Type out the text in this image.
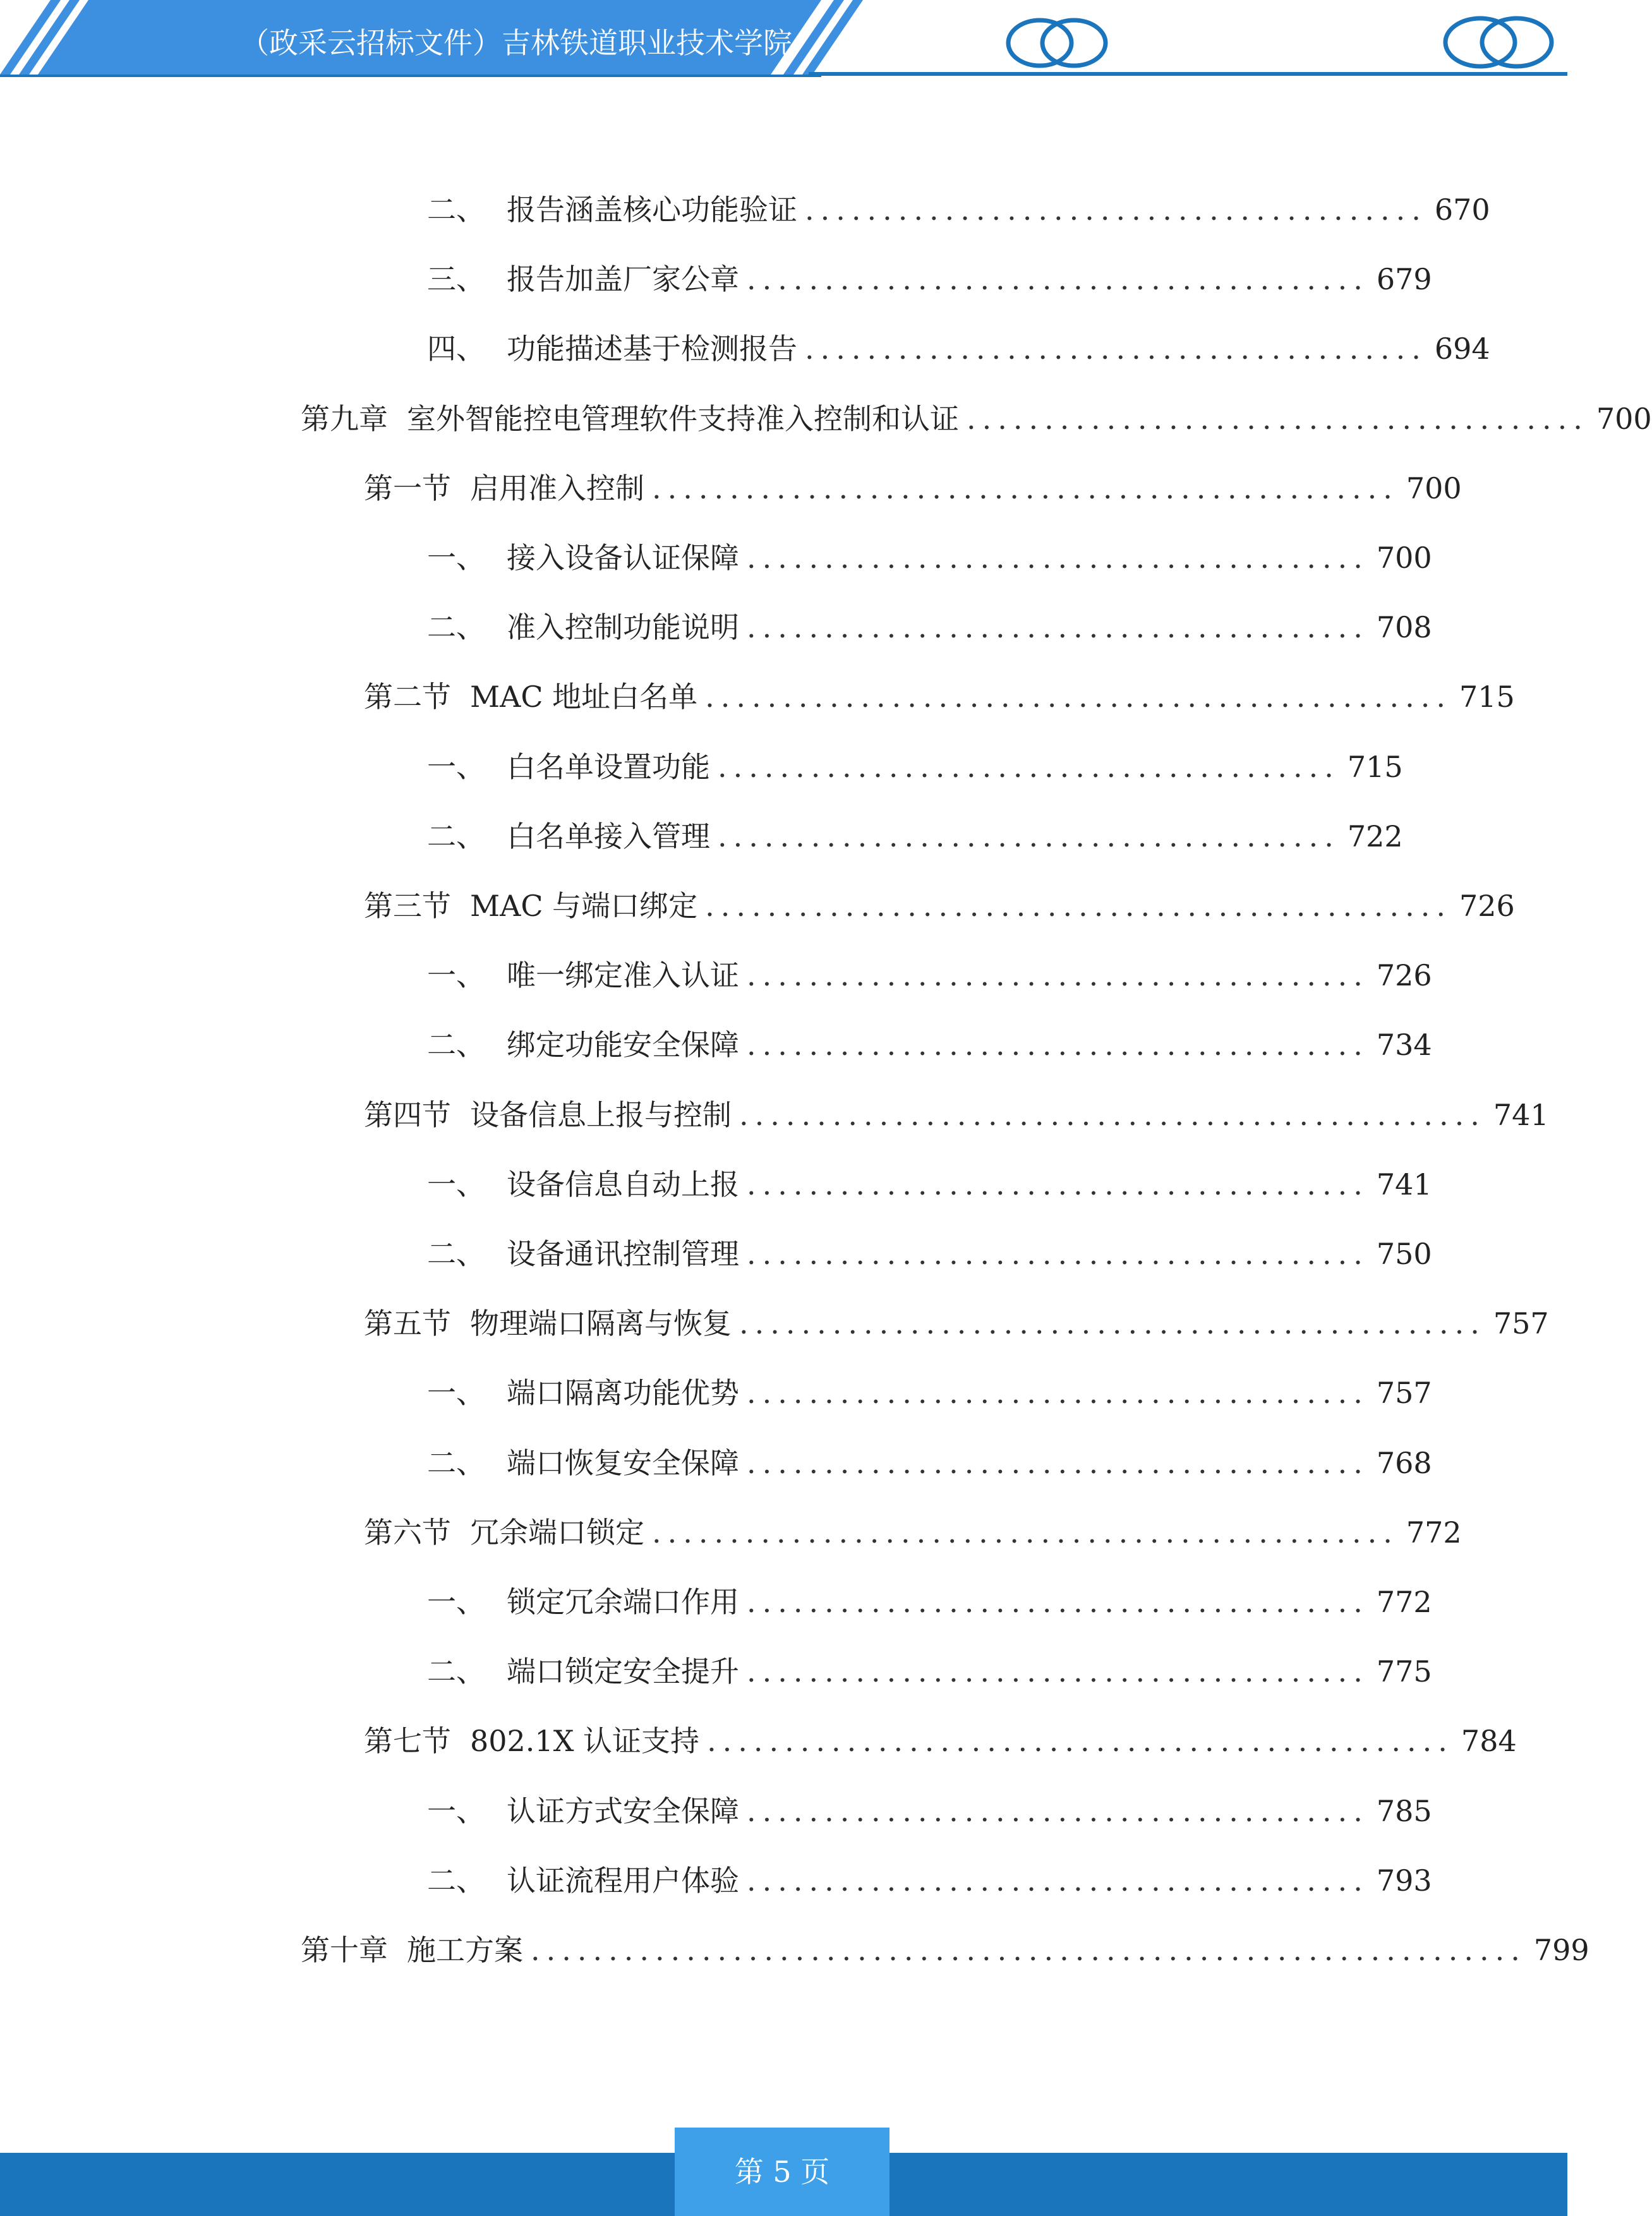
（政采云招标文件）吉林铁道职业技术学院
二、 报告涵盖核心功能验证 ........................................ 670
三、 报告加盖厂家公章 ........................................ 679
四、 功能描述基于检测报告 ........................................ 694
第九章 室外智能控电管理软件支持准入控制和认证 ........................................ 700
第一节 启用准入控制 ................................................ 700
一、 接入设备认证保障 ........................................ 700
二、 准入控制功能说明 ........................................ 708
第二节 MAC 地址白名单 ................................................ 715
一、 白名单设置功能 ........................................ 715
二、 白名单接入管理 ........................................ 722
第三节 MAC 与端口绑定 ................................................ 726
一、 唯一绑定准入认证 ........................................ 726
二、 绑定功能安全保障 ........................................ 734
第四节 设备信息上报与控制 ................................................ 741
一、 设备信息自动上报 ........................................ 741
二、 设备通讯控制管理 ........................................ 750
第五节 物理端口隔离与恢复 ................................................ 757
一、 端口隔离功能优势 ........................................ 757
二、 端口恢复安全保障 ........................................ 768
第六节 冗余端口锁定 ................................................ 772
一、 锁定冗余端口作用 ........................................ 772
二、 端口锁定安全提升 ........................................ 775
第七节 802.1X 认证支持 ................................................ 784
一、 认证方式安全保障 ........................................ 785
二、 认证流程用户体验 ........................................ 793
第十章 施工方案 ................................................................ 799
第 5 页
